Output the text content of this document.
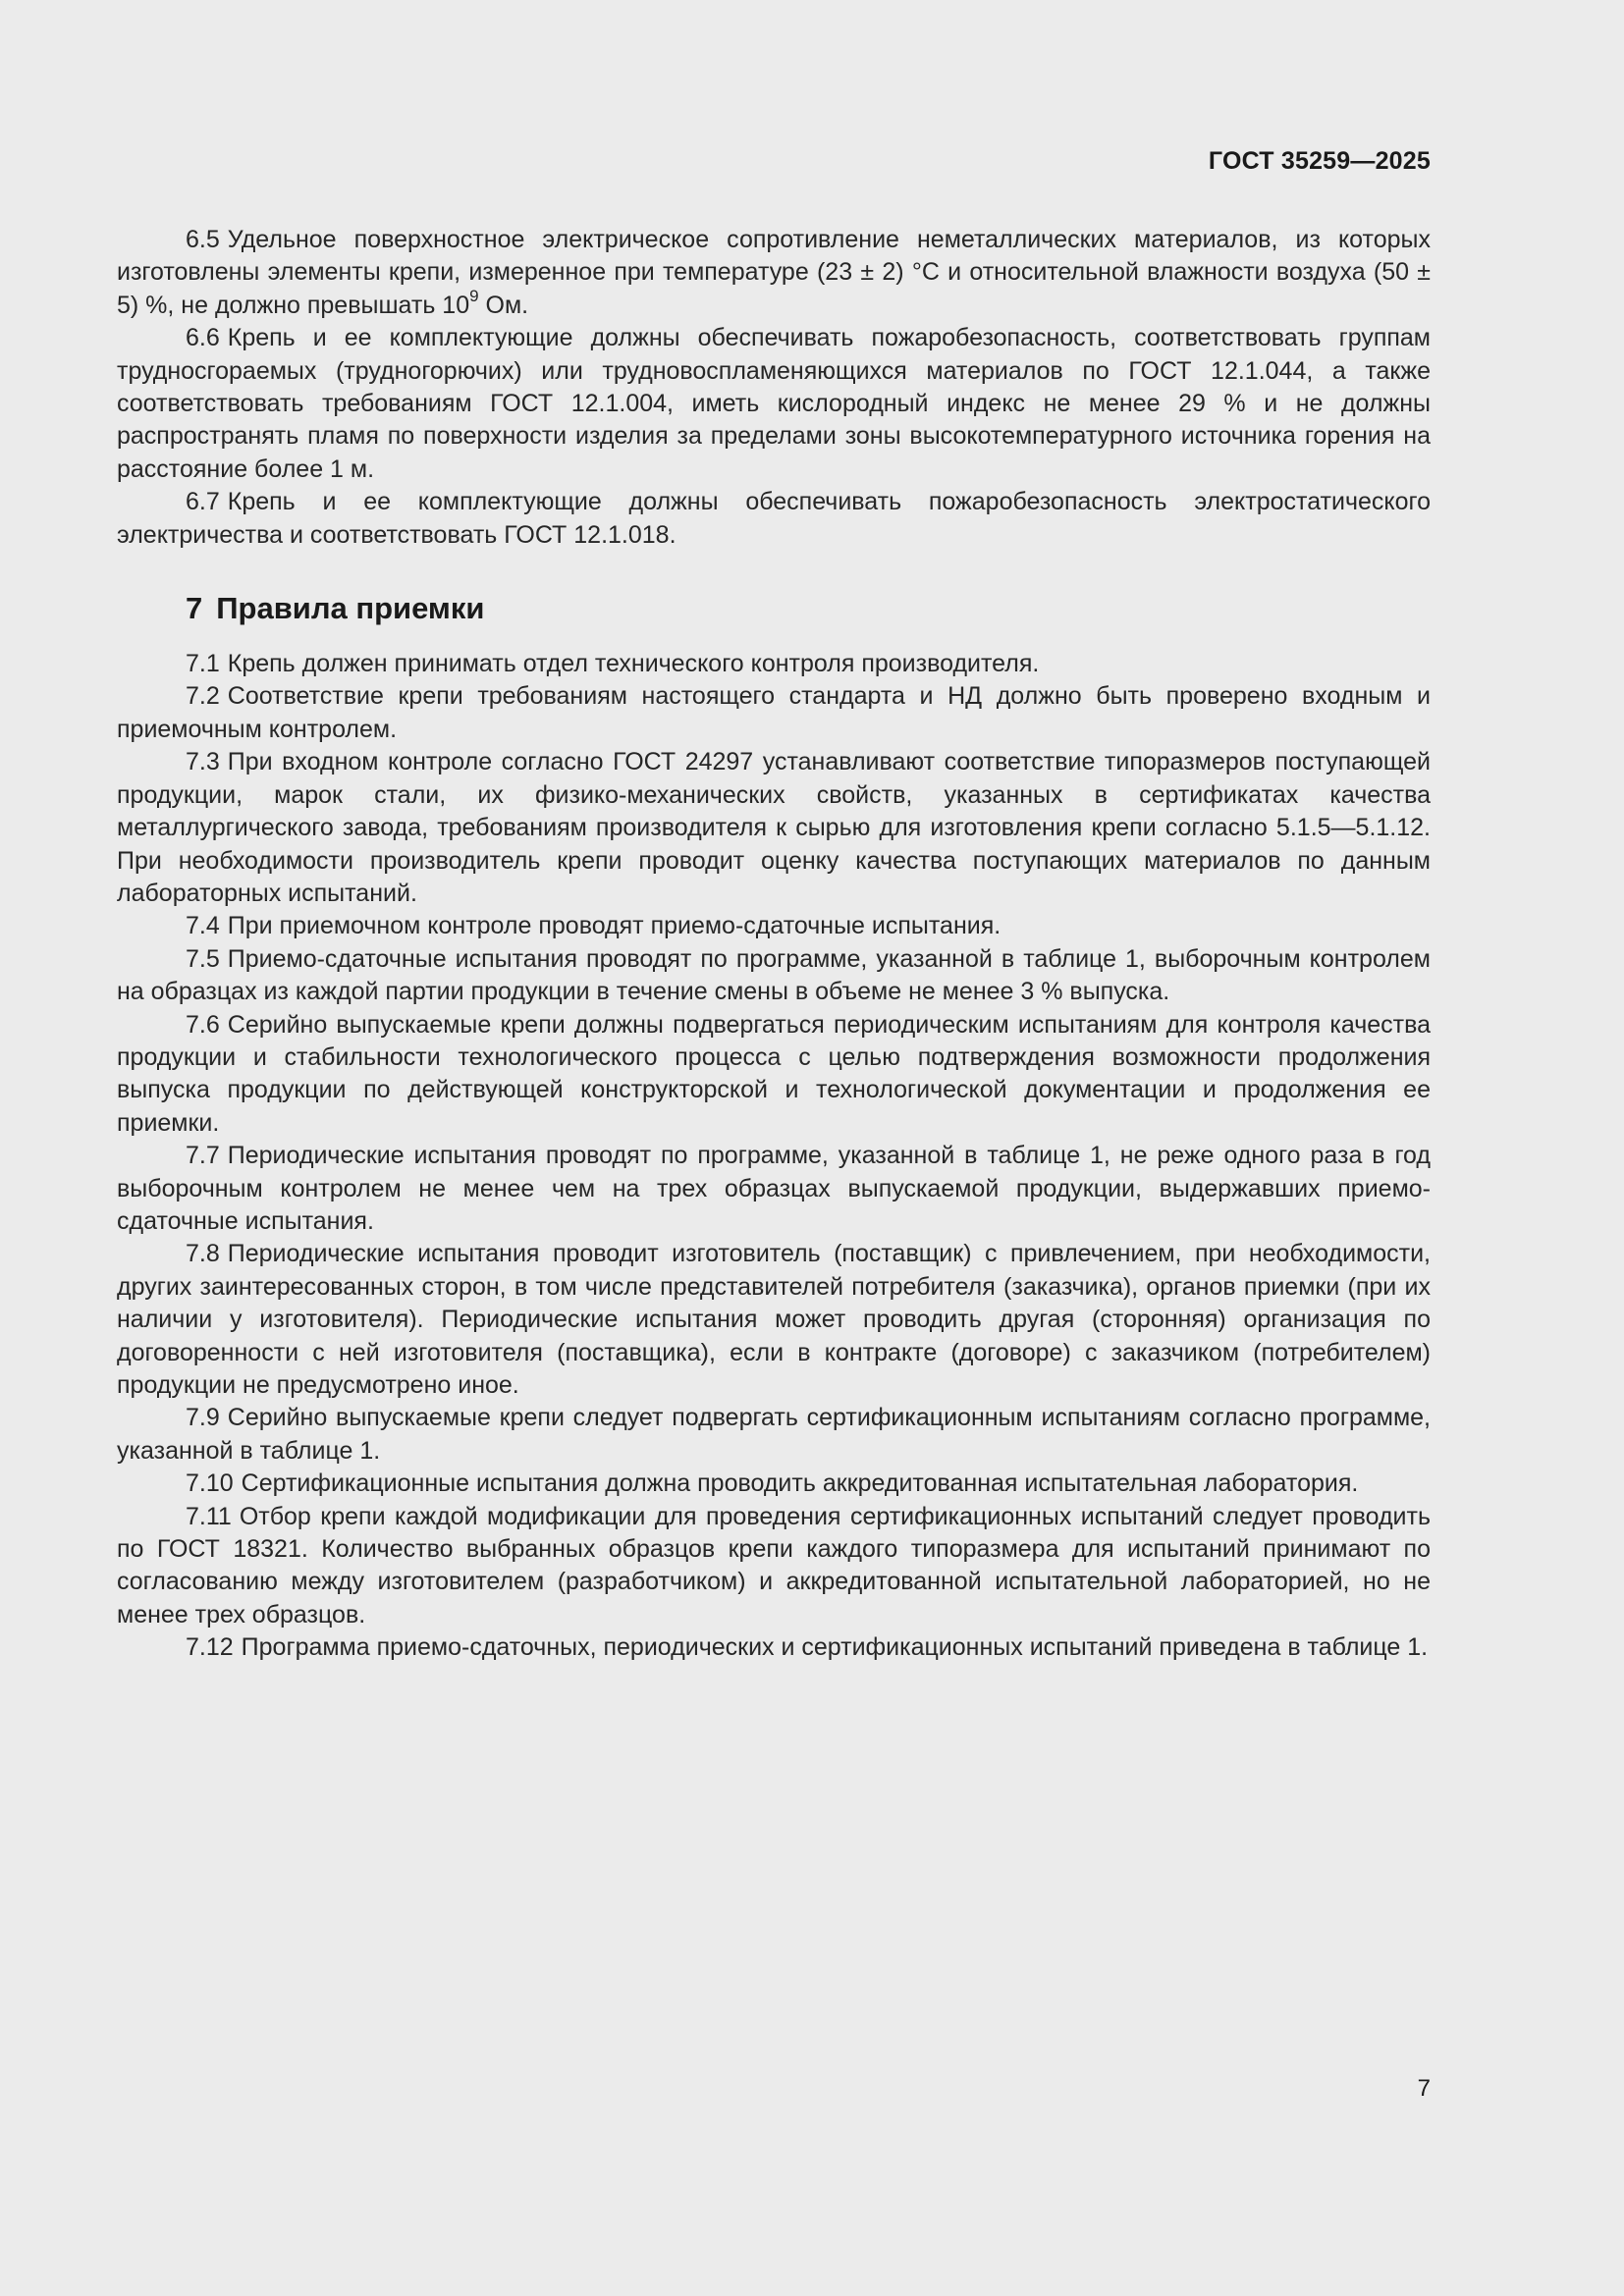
ГОСТ 35259—2025

6.5 Удельное поверхностное электрическое сопротивление неметаллических материалов, из которых изготовлены элементы крепи, измеренное при температуре (23 ± 2) °С и относительной влажности воздуха (50 ± 5) %, не должно превышать $10^9$ Ом.

6.6 Крепь и ее комплектующие должны обеспечивать пожаробезопасность, соответствовать группам трудносгораемых (трудногорючих) или трудновоспламеняющихся материалов по ГОСТ 12.1.044, а также соответствовать требованиям ГОСТ 12.1.004, иметь кислородный индекс не менее 29 % и не должны распространять пламя по поверхности изделия за пределами зоны высокотемпературного источника горения на расстояние более 1 м.

6.7 Крепь и ее комплектующие должны обеспечивать пожаробезопасность электростатического электричества и соответствовать ГОСТ 12.1.018.

7 Правила приемки

7.1 Крепь должен принимать отдел технического контроля производителя.

7.2 Соответствие крепи требованиям настоящего стандарта и НД должно быть проверено входным и приемочным контролем.

7.3 При входном контроле согласно ГОСТ 24297 устанавливают соответствие типоразмеров поступающей продукции, марок стали, их физико-механических свойств, указанных в сертификатах качества металлургического завода, требованиям производителя к сырью для изготовления крепи согласно 5.1.5—5.1.12. При необходимости производитель крепи проводит оценку качества поступающих материалов по данным лабораторных испытаний.

7.4 При приемочном контроле проводят приемо-сдаточные испытания.

7.5 Приемо-сдаточные испытания проводят по программе, указанной в таблице 1, выборочным контролем на образцах из каждой партии продукции в течение смены в объеме не менее 3 % выпуска.

7.6 Серийно выпускаемые крепи должны подвергаться периодическим испытаниям для контроля качества продукции и стабильности технологического процесса с целью подтверждения возможности продолжения выпуска продукции по действующей конструкторской и технологической документации и продолжения ее приемки.

7.7 Периодические испытания проводят по программе, указанной в таблице 1, не реже одного раза в год выборочным контролем не менее чем на трех образцах выпускаемой продукции, выдержавших приемо-сдаточные испытания.

7.8 Периодические испытания проводит изготовитель (поставщик) с привлечением, при необходимости, других заинтересованных сторон, в том числе представителей потребителя (заказчика), органов приемки (при их наличии у изготовителя). Периодические испытания может проводить другая (сторонняя) организация по договоренности с ней изготовителя (поставщика), если в контракте (договоре) с заказчиком (потребителем) продукции не предусмотрено иное.

7.9 Серийно выпускаемые крепи следует подвергать сертификационным испытаниям согласно программе, указанной в таблице 1.

7.10 Сертификационные испытания должна проводить аккредитованная испытательная лаборатория.

7.11 Отбор крепи каждой модификации для проведения сертификационных испытаний следует проводить по ГОСТ 18321. Количество выбранных образцов крепи каждого типоразмера для испытаний принимают по согласованию между изготовителем (разработчиком) и аккредитованной испытательной лабораторией, но не менее трех образцов.

7.12 Программа приемо-сдаточных, периодических и сертификационных испытаний приведена в таблице 1.

7
